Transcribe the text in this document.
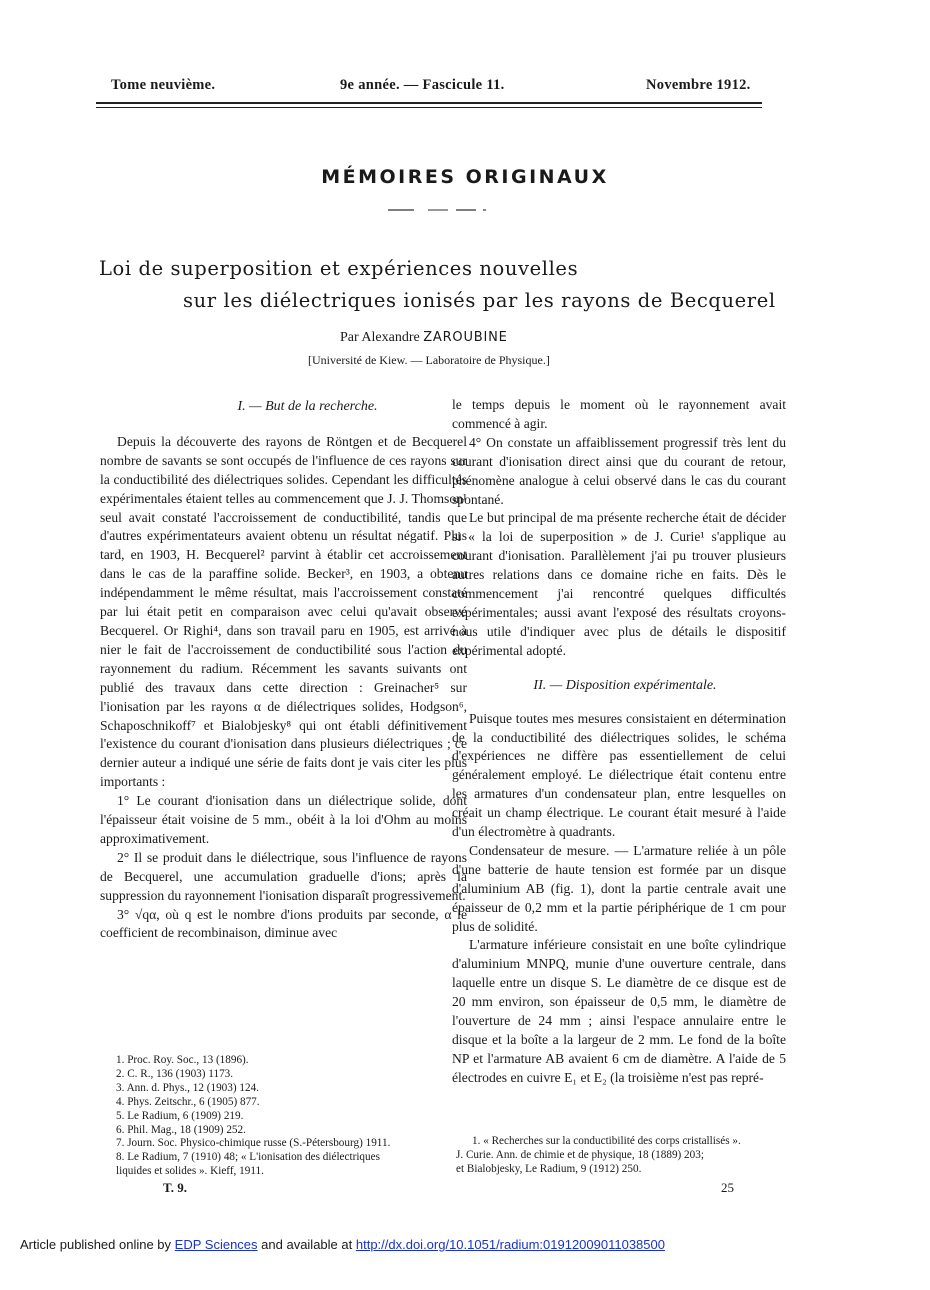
Tome neuvième.	9e année. — Fascicule 11.	Novembre 1912.
MÉMOIRES ORIGINAUX
Loi de superposition et expériences nouvelles
sur les diélectriques ionisés par les rayons de Becquerel
Par Alexandre ZAROUBINE
[Université de Kiew. — Laboratoire de Physique.]
I. — But de la recherche.

Depuis la découverte des rayons de Röntgen et de Becquerel nombre de savants se sont occupés de l'influence de ces rayons sur la conductibilité des diélectriques solides. Cependant les difficultés expérimentales étaient telles au commencement que J. J. Thomson¹ seul avait constaté l'accroissement de conductibilité, tandis que d'autres expérimentateurs avaient obtenu un résultat négatif. Plus tard, en 1903, H. Becquerel² parvint à établir cet accroissement dans le cas de la paraffine solide. Becker³, en 1903, a obtenu indépendamment le même résultat, mais l'accroissement constaté par lui était petit en comparaison avec celui qu'avait observé Becquerel. Or Righi⁴, dans son travail paru en 1905, est arrivé à nier le fait de l'accroissement de conductibilité sous l'action du rayonnement du radium. Récemment les savants suivants ont publié des travaux dans cette direction : Greinacher⁵ sur l'ionisation par les rayons α de diélectriques solides, Hodgson⁶, Schaposchnikoff⁷ et Bialobjesky⁸ qui ont établi définitivement l'existence du courant d'ionisation dans plusieurs diélectriques ; ce dernier auteur a indiqué une série de faits dont je vais citer les plus importants :

1° Le courant d'ionisation dans un diélectrique solide, dont l'épaisseur était voisine de 5 mm., obéit à la loi d'Ohm au moins approximativement.

2° Il se produit dans le diélectrique, sous l'influence de rayons de Becquerel, une accumulation graduelle d'ions; après la suppression du rayonnement l'ionisation disparaît progressivement.

3° √qα, où q est le nombre d'ions produits par seconde, α le coefficient de recombinaison, diminue avec

1. Proc. Roy. Soc., 13 (1896).
2. C. R., 136 (1903) 1173.
3. Ann. d. Phys., 12 (1903) 124.
4. Phys. Zeitschr., 6 (1905) 877.
5. Le Radium, 6 (1909) 219.
6. Phil. Mag., 18 (1909) 252.
7. Journ. Soc. Physico-chimique russe (S.-Pétersbourg) 1911.
8. Le Radium, 7 (1910) 48; « L'ionisation des diélectriques
liquides et solides ». Kieff, 1911.
T. 9.

le temps depuis le moment où le rayonnement avait commencé à agir.

4° On constate un affaiblissement progressif très lent du courant d'ionisation direct ainsi que du courant de retour, phénomène analogue à celui observé dans le cas du courant spontané.

Le but principal de ma présente recherche était de décider si « la loi de superposition » de J. Curie¹ s'applique au courant d'ionisation. Parallèlement j'ai pu trouver plusieurs autres relations dans ce domaine riche en faits. Dès le commencement j'ai rencontré quelques difficultés expérimentales; aussi avant l'exposé des résultats croyons-nous utile d'indiquer avec plus de détails le dispositif expérimental adopté.

II. — Disposition expérimentale.

Puisque toutes mes mesures consistaient en détermination de la conductibilité des diélectriques solides, le schéma d'expériences ne diffère pas essentiellement de celui généralement employé. Le diélectrique était contenu entre les armatures d'un condensateur plan, entre lesquelles on créait un champ électrique. Le courant était mesuré à l'aide d'un électromètre à quadrants.

Condensateur de mesure. — L'armature reliée à un pôle d'une batterie de haute tension est formée par un disque d'aluminium AB (fig. 1), dont la partie centrale avait une épaisseur de 0,2 mm et la partie périphérique de 1 cm pour plus de solidité.

L'armature inférieure consistait en une boîte cylindrique d'aluminium MNPQ, munie d'une ouverture centrale, dans laquelle entre un disque S. Le diamètre de ce disque est de 20 mm environ, son épaisseur de 0,5 mm, le diamètre de l'ouverture de 24 mm ; ainsi l'espace annulaire entre le disque et la boîte a la largeur de 2 mm. Le fond de la boîte NP et l'armature AB avaient 6 cm de diamètre. A l'aide de 5 électrodes en cuivre E₁ et E₂ (la troisième n'est pas repré-

1. « Recherches sur la conductibilité des corps cristallisés ».
J. Curie. Ann. de chimie et de physique, 18 (1889) 203;
et Bialobjesky, Le Radium, 9 (1912) 250.
25
Article published online by EDP Sciences and available at http://dx.doi.org/10.1051/radium:01912009011038500
